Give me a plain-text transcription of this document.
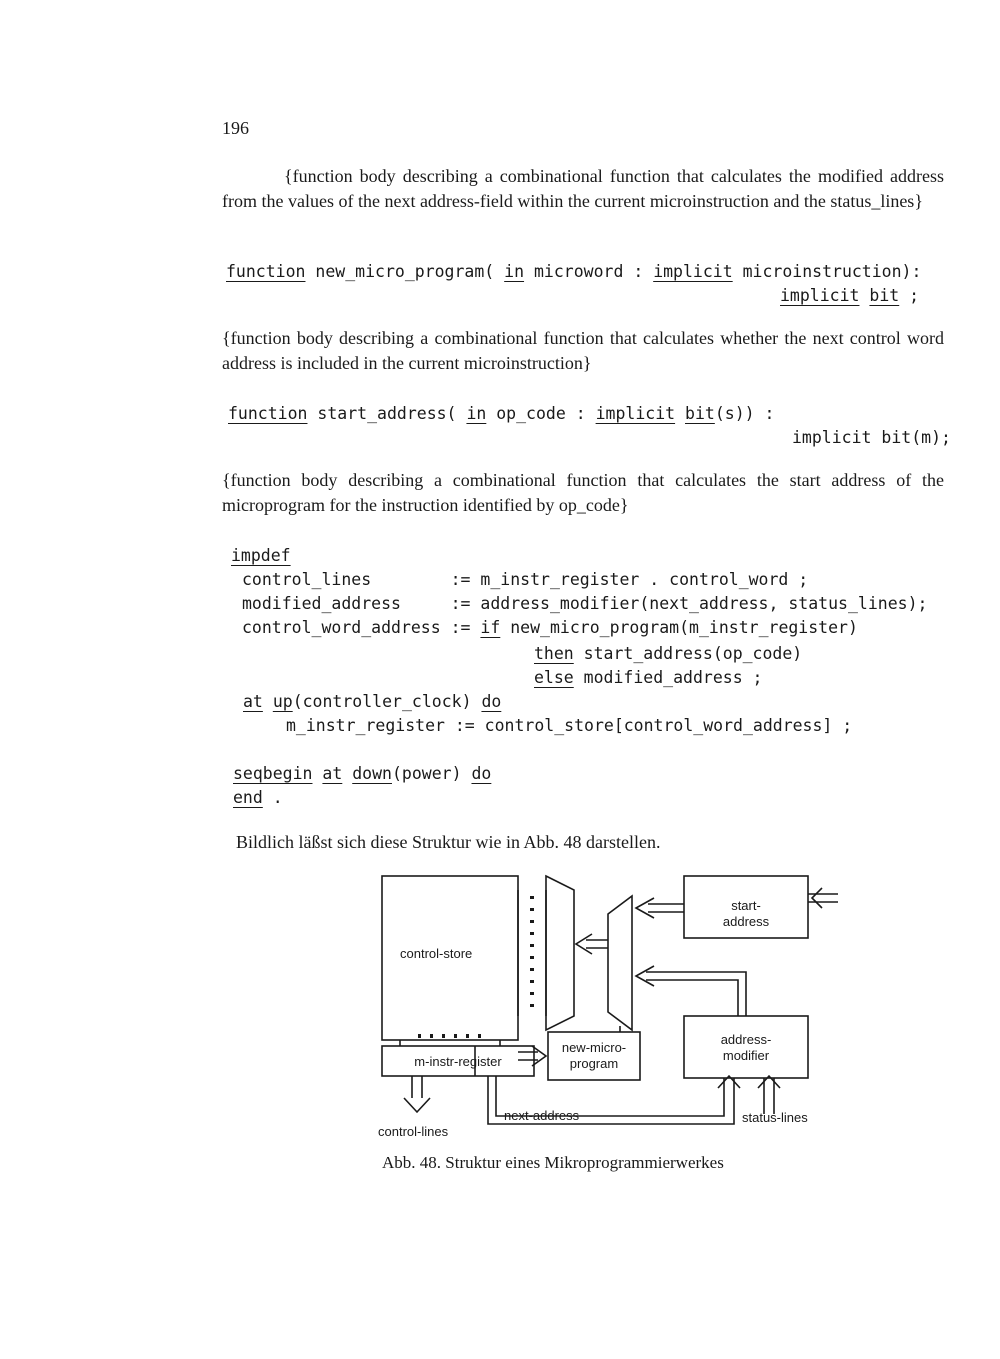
196
{function body describing a combinational function that calculates the modified address from the values of the next address-field within the current microinstruction and the status_lines}
function new_micro_program( in microword : implicit microinstruction):
implicit bit ;
{function body describing a combinational function that calculates whether the next control word address is included in the current microinstruction}
function start_address( in op_code : implicit bit(s)) :
implicit bit(m);
{function body describing a combinational function that calculates the start address of the microprogram for the instruction identified by op_code}
impdef
control_lines        := m_instr_register . control_word ;
modified_address     := address_modifier(next_address, status_lines);
control_word_address := if new_micro_program(m_instr_register)
then start_address(op_code)
else modified_address ;
at up(controller_clock) do
m_instr_register := control_store[control_word_address] ;
seqbegin at down(power) do
end .
Bildlich läßst sich diese Struktur wie in Abb. 48 darstellen.
control-store
start-
address
m-instr-register
new-micro-
program
address-
modifier
control-lines
next-address	status-lines
Abb. 48. Struktur eines Mikroprogrammierwerkes
